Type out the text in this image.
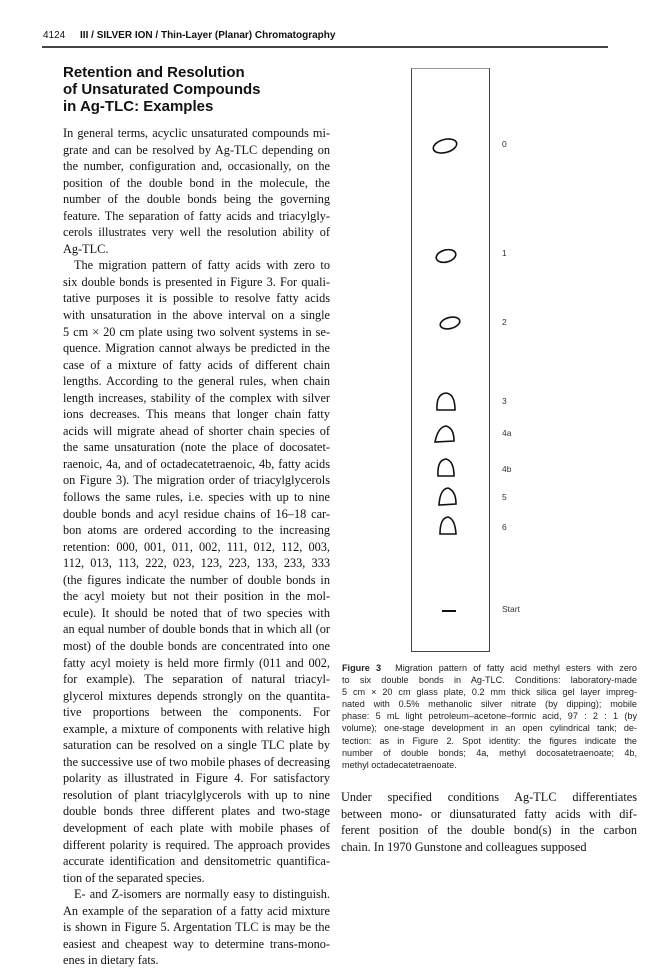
4124 III / SILVER ION / Thin-Layer (Planar) Chromatography
Retention and Resolution
of Unsaturated Compounds
in Ag-TLC: Examples
In general terms, acyclic unsaturated compounds mi-
grate and can be resolved by Ag-TLC depending on
the number, configuration and, occasionally, on the
position of the double bond in the molecule, the
number of the double bonds being the governing
feature. The separation of fatty acids and triacylgly-
cerols illustrates very well the resolution ability of
Ag-TLC.
The migration pattern of fatty acids with zero to
six double bonds is presented in Figure 3. For quali-
tative purposes it is possible to resolve fatty acids
with unsaturation in the above interval on a single
5 cm × 20 cm plate using two solvent systems in se-
quence. Migration cannot always be predicted in the
case of a mixture of fatty acids of different chain
lengths. According to the general rules, when chain
length increases, stability of the complex with silver
ions decreases. This means that longer chain fatty
acids will migrate ahead of shorter chain species of
the same unsaturation (note the place of docosatet-
raenoic, 4a, and of octadecatetraenoic, 4b, fatty acids
on Figure 3). The migration order of triacylglycerols
follows the same rules, i.e. species with up to nine
double bonds and acyl residue chains of 16–18 car-
bon atoms are ordered according to the increasing
retention: 000, 001, 011, 002, 111, 012, 112, 003,
112, 013, 113, 222, 023, 123, 223, 133, 233, 333
(the figures indicate the number of double bonds in
the acyl moiety but not their position in the mol-
ecule). It should be noted that of two species with
an equal number of double bonds that in which all (or
most) of the double bonds are concentrated into one
fatty acyl moiety is held more firmly (011 and 002,
for example). The separation of natural triacyl-
glycerol mixtures depends strongly on the quantita-
tive proportions between the components. For
example, a mixture of components with relative high
saturation can be resolved on a single TLC plate by
the successive use of two mobile phases of decreasing
polarity as illustrated in Figure 4. For satisfactory
resolution of plant triacylglycerols with up to nine
double bonds three different plates and two-stage
development of each plate with mobile phases of
different polarity is required. The approach provides
accurate identification and densitometric quantifica-
tion of the separated species.
E- and Z-isomers are normally easy to distinguish.
An example of the separation of a fatty acid mixture
is shown in Figure 5. Argentation TLC is may be the
easiest and cheapest way to determine trans-mono-
enes in dietary fats.
0
1
2
3
4a
4b
5
6
Start
Figure 3 Migration pattern of fatty acid methyl esters with zero
to six double bonds in Ag-TLC. Conditions: laboratory-made
5 cm × 20 cm glass plate, 0.2 mm thick silica gel layer impreg-
nated with 0.5% methanolic silver nitrate (by dipping); mobile
phase: 5 mL light petroleum–acetone–formic acid, 97 : 2 : 1 (by
volume); one-stage development in an open cylindrical tank; de-
tection: as in Figure 2. Spot identity: the figures indicate the
number of double bonds; 4a, methyl docosatetraenoate; 4b,
methyl octadecatetraenoate.
Under specified conditions Ag-TLC differentiates
between mono- or diunsaturated fatty acids with dif-
ferent position of the double bond(s) in the carbon
chain. In 1970 Gunstone and colleagues supposed
